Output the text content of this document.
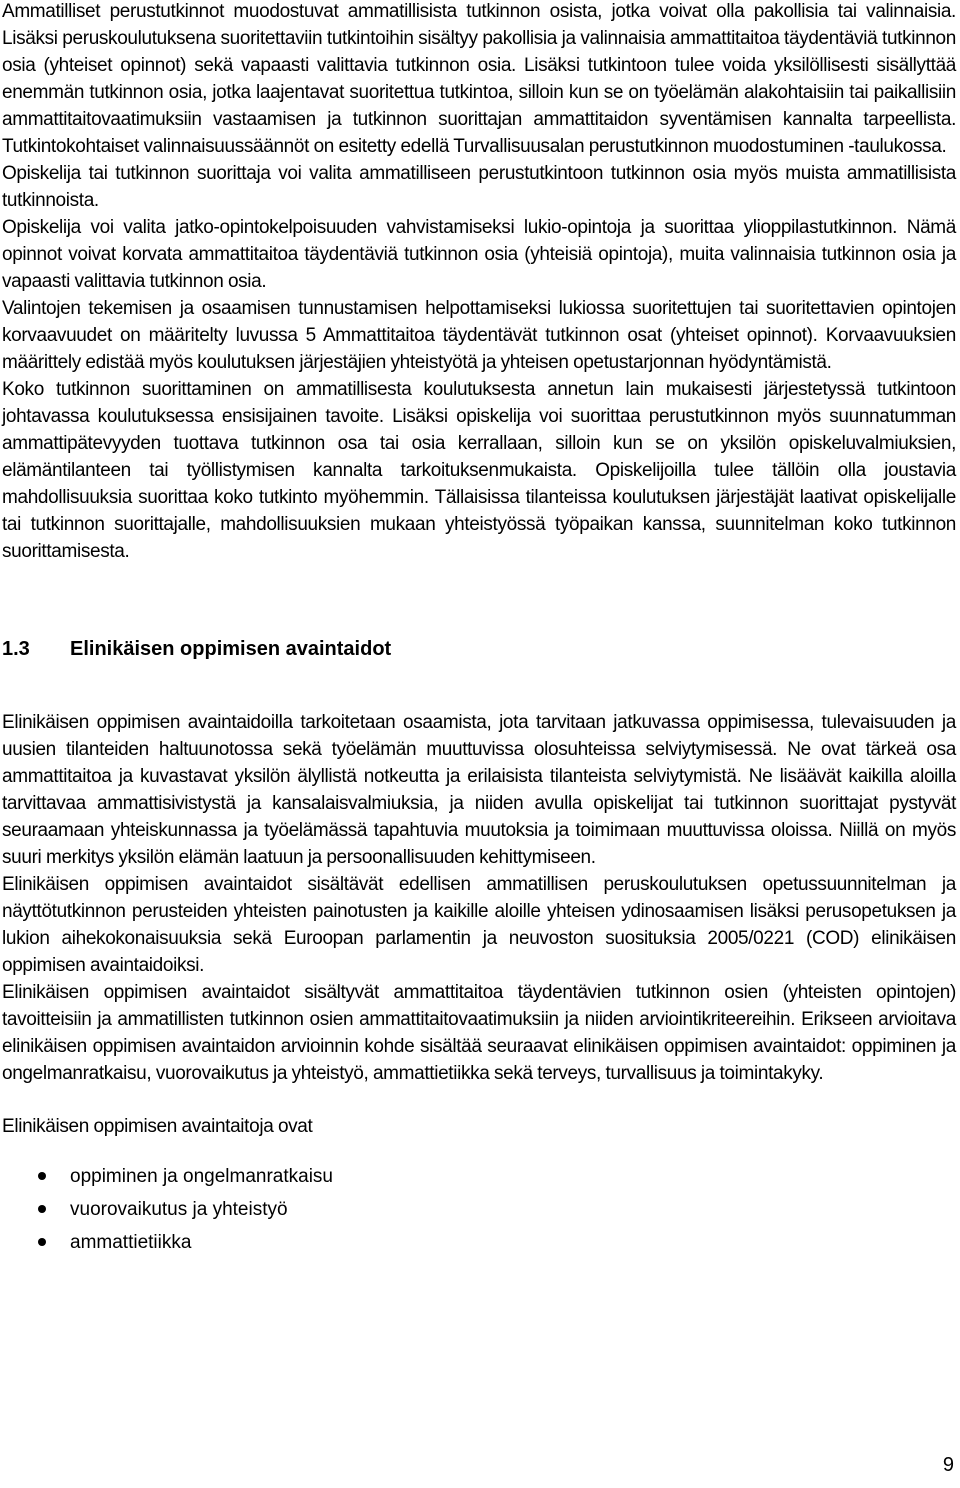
Ammatilliset perustutkinnot muodostuvat ammatillisista tutkinnon osista, jotka voivat olla pakollisia tai valinnaisia. Lisäksi peruskoulutuksena suoritettaviin tutkintoihin sisältyy pakollisia ja valinnaisia ammattitaitoa täydentäviä tutkinnon osia (yhteiset opinnot) sekä vapaasti valittavia tutkinnon osia. Lisäksi tutkintoon tulee voida yksilöllisesti sisällyttää enemmän tutkinnon osia, jotka laajentavat suoritettua tutkintoa, silloin kun se on työelämän alakohtaisiin tai paikallisiin ammattitaitovaatimuksiin vastaamisen ja tutkinnon suorittajan ammattitaidon syventämisen kannalta tarpeellista. Tutkintokohtaiset valinnaisuussäännöt on esitetty edellä Turvallisuusalan perustutkinnon muodostuminen -taulukossa.

Opiskelija tai tutkinnon suorittaja voi valita ammatilliseen perustutkintoon tutkinnon osia myös muista ammatillisista tutkinnoista.

Opiskelija voi valita jatko-opintokelpoisuuden vahvistamiseksi lukio-opintoja ja suorittaa ylioppilastutkinnon. Nämä opinnot voivat korvata ammattitaitoa täydentäviä tutkinnon osia (yhteisiä opintoja), muita valinnaisia tutkinnon osia ja vapaasti valittavia tutkinnon osia.

Valintojen tekemisen ja osaamisen tunnustamisen helpottamiseksi lukiossa suoritettujen tai suoritettavien opintojen korvaavuudet on määritelty luvussa 5 Ammattitaitoa täydentävät tutkinnon osat (yhteiset opinnot). Korvaavuuksien määrittely edistää myös koulutuksen järjestäjien yhteistyötä ja yhteisen opetustarjonnan hyödyntämistä.

Koko tutkinnon suorittaminen on ammatillisesta koulutuksesta annetun lain mukaisesti järjestetyssä tutkintoon johtavassa koulutuksessa ensisijainen tavoite. Lisäksi opiskelija voi suorittaa perustutkinnon myös suunnatumman ammattipätevyyden tuottava tutkinnon osa tai osia kerrallaan, silloin kun se on yksilön opiskeluvalmiuksien, elämäntilanteen tai työllistymisen kannalta tarkoituksenmukaista. Opiskelijoilla tulee tällöin olla joustavia mahdollisuuksia suorittaa koko tutkinto myöhemmin. Tällaisissa tilanteissa koulutuksen järjestäjät laativat opiskelijalle tai tutkinnon suorittajalle, mahdollisuuksien mukaan yhteistyössä työpaikan kanssa, suunnitelman koko tutkinnon suorittamisesta.

1.3 Elinikäisen oppimisen avaintaidot

Elinikäisen oppimisen avaintaidoilla tarkoitetaan osaamista, jota tarvitaan jatkuvassa oppimisessa, tulevaisuuden ja uusien tilanteiden haltuunotossa sekä työelämän muuttuvissa olosuhteissa selviytymisessä. Ne ovat tärkeä osa ammattitaitoa ja kuvastavat yksilön älyllistä notkeutta ja erilaisista tilanteista selviytymistä. Ne lisäävät kaikilla aloilla tarvittavaa ammattisivistystä ja kansalaisvalmiuksia, ja niiden avulla opiskelijat tai tutkinnon suorittajat pystyvät seuraamaan yhteiskunnassa ja työelämässä tapahtuvia muutoksia ja toimimaan muuttuvissa oloissa. Niillä on myös suuri merkitys yksilön elämän laatuun ja persoonallisuuden kehittymiseen.

Elinikäisen oppimisen avaintaidot sisältävät edellisen ammatillisen peruskoulutuksen opetussuunnitelman ja näyttötutkinnon perusteiden yhteisten painotusten ja kaikille aloille yhteisen ydinosaamisen lisäksi perusopetuksen ja lukion aihekokonaisuuksia sekä Euroopan parlamentin ja neuvoston suosituksia 2005/0221 (COD) elinikäisen oppimisen avaintaidoiksi.

Elinikäisen oppimisen avaintaidot sisältyvät ammattitaitoa täydentävien tutkinnon osien (yhteisten opintojen) tavoitteisiin ja ammatillisten tutkinnon osien ammattitaitovaatimuksiin ja niiden arviointikriteereihin. Erikseen arvioitava elinikäisen oppimisen avaintaidon arvioinnin kohde sisältää seuraavat elinikäisen oppimisen avaintaidot: oppiminen ja ongelmanratkaisu, vuorovaikutus ja yhteistyö, ammattietiikka sekä terveys, turvallisuus ja toimintakyky.

Elinikäisen oppimisen avaintaitoja ovat

oppiminen ja ongelmanratkaisu
vuorovaikutus ja yhteistyö
ammattietiikka
9
